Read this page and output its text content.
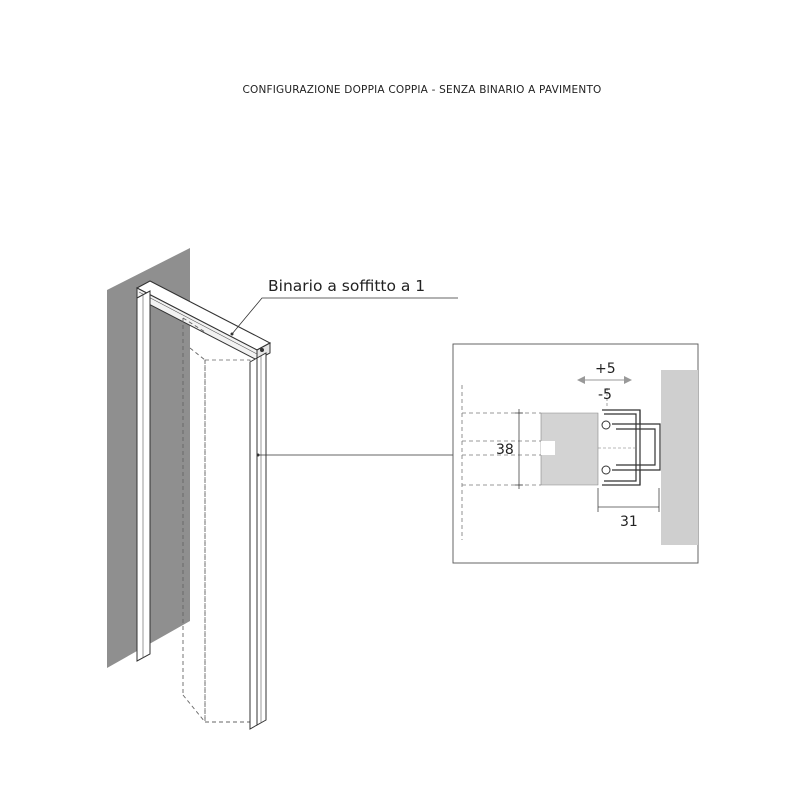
CONFIGURAZIONE DOPPIA COPPIA - SENZA BINARIO A PAVIMENTO
Binario a soffitto a 1
38
+5
-5
31
